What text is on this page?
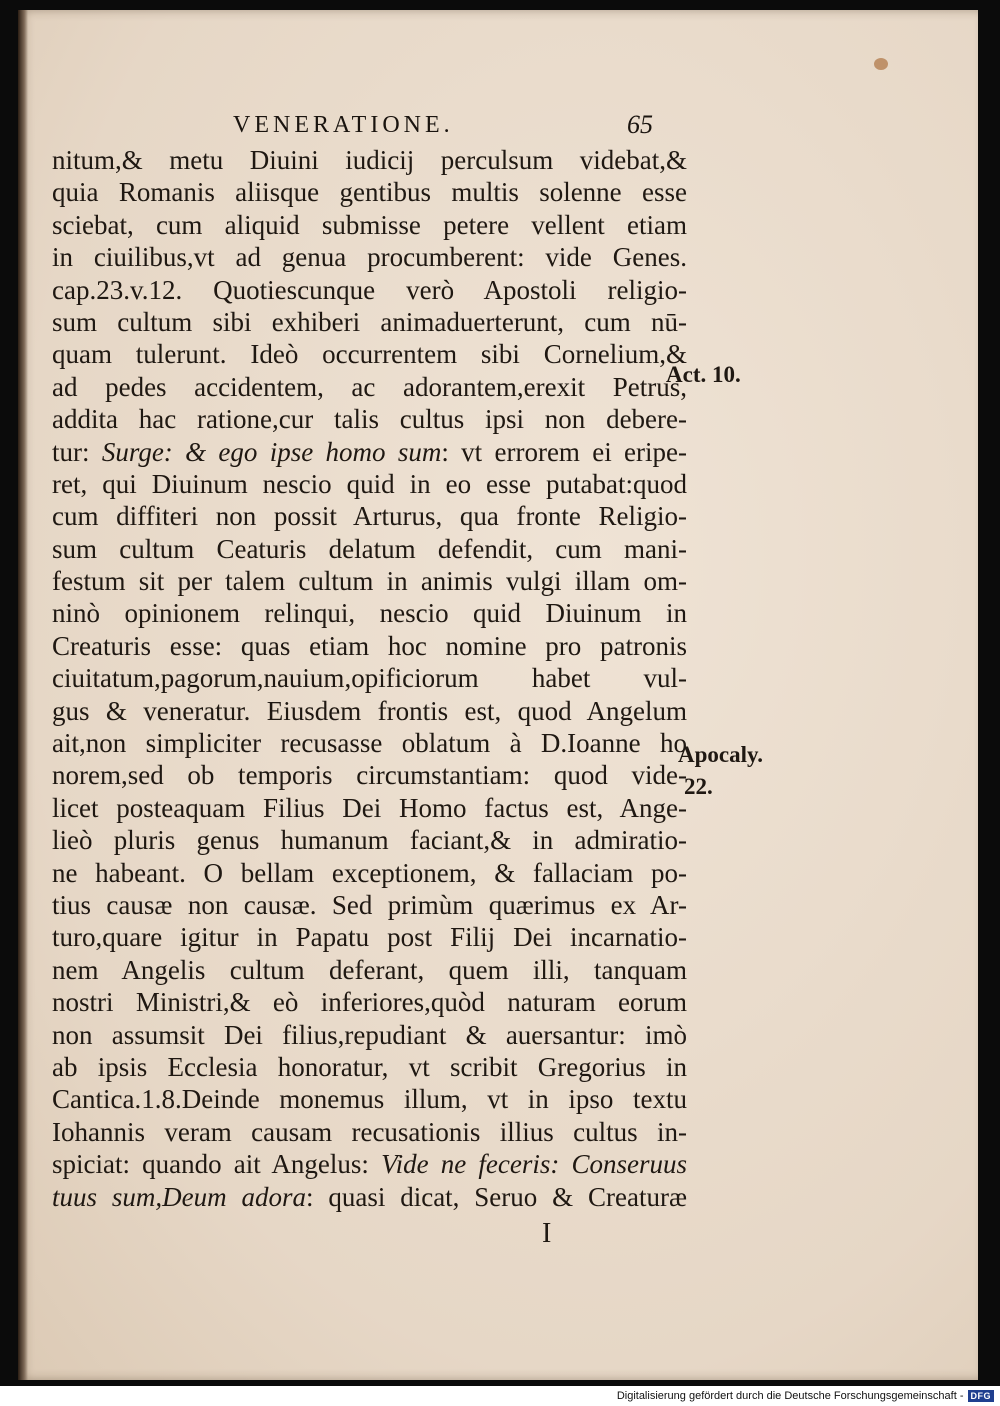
VENERATIONE.	65
nitum,& metu Diuini iudicij perculsum videbat,&
quia Romanis aliisque gentibus multis solenne esse
sciebat, cum aliquid submisse petere vellent etiam
in ciuilibus,vt ad genua procumberent: vide Genes.
cap.23.v.12. Quotiescunque verò Apostoli religio-
sum cultum sibi exhiberi animaduerterunt, cum nū-
quam tulerunt. Ideò occurrentem sibi Cornelium,&
ad pedes accidentem, ac adorantem,erexit Petrus,
addita hac ratione,cur talis cultus ipsi non debere-
tur: Surge: & ego ipse homo sum: vt errorem ei eripe-
ret, qui Diuinum nescio quid in eo esse putabat:quod
cum diffiteri non possit Arturus, qua fronte Religio-
sum cultum Ceaturis delatum defendit, cum mani-
festum sit per talem cultum in animis vulgi illam om-
ninò opinionem relinqui, nescio quid Diuinum in
Creaturis esse: quas etiam hoc nomine pro patronis
ciuitatum,pagorum,nauium,opificiorum habet vul-
gus & veneratur. Eiusdem frontis est, quod Angelum
ait,non simpliciter recusasse oblatum à D.Ioanne ho
norem,sed ob temporis circumstantiam: quod vide-
licet posteaquam Filius Dei Homo factus est, Ange-
lieò pluris genus humanum faciant,& in admiratio-
ne habeant. O bellam exceptionem, & fallaciam po-
tius causæ non causæ. Sed primùm quærimus ex Ar-
turo,quare igitur in Papatu post Filij Dei incarnatio-
nem Angelis cultum deferant, quem illi, tanquam
nostri Ministri,& eò inferiores,quòd naturam eorum
non assumsit Dei filius,repudiant & auersantur: imò
ab ipsis Ecclesia honoratur, vt scribit Gregorius in
Cantica.1.8.Deinde monemus illum, vt in ipso textu
Iohannis veram causam recusationis illius cultus in-
spiciat: quando ait Angelus: Vide ne feceris: Conseruus
tuus sum,Deum adora: quasi dicat, Seruo & Creaturæ
Act. 10.
Apocaly.
22.
I
Digitalisierung gefördert durch die Deutsche Forschungsgemeinschaft - DFG
